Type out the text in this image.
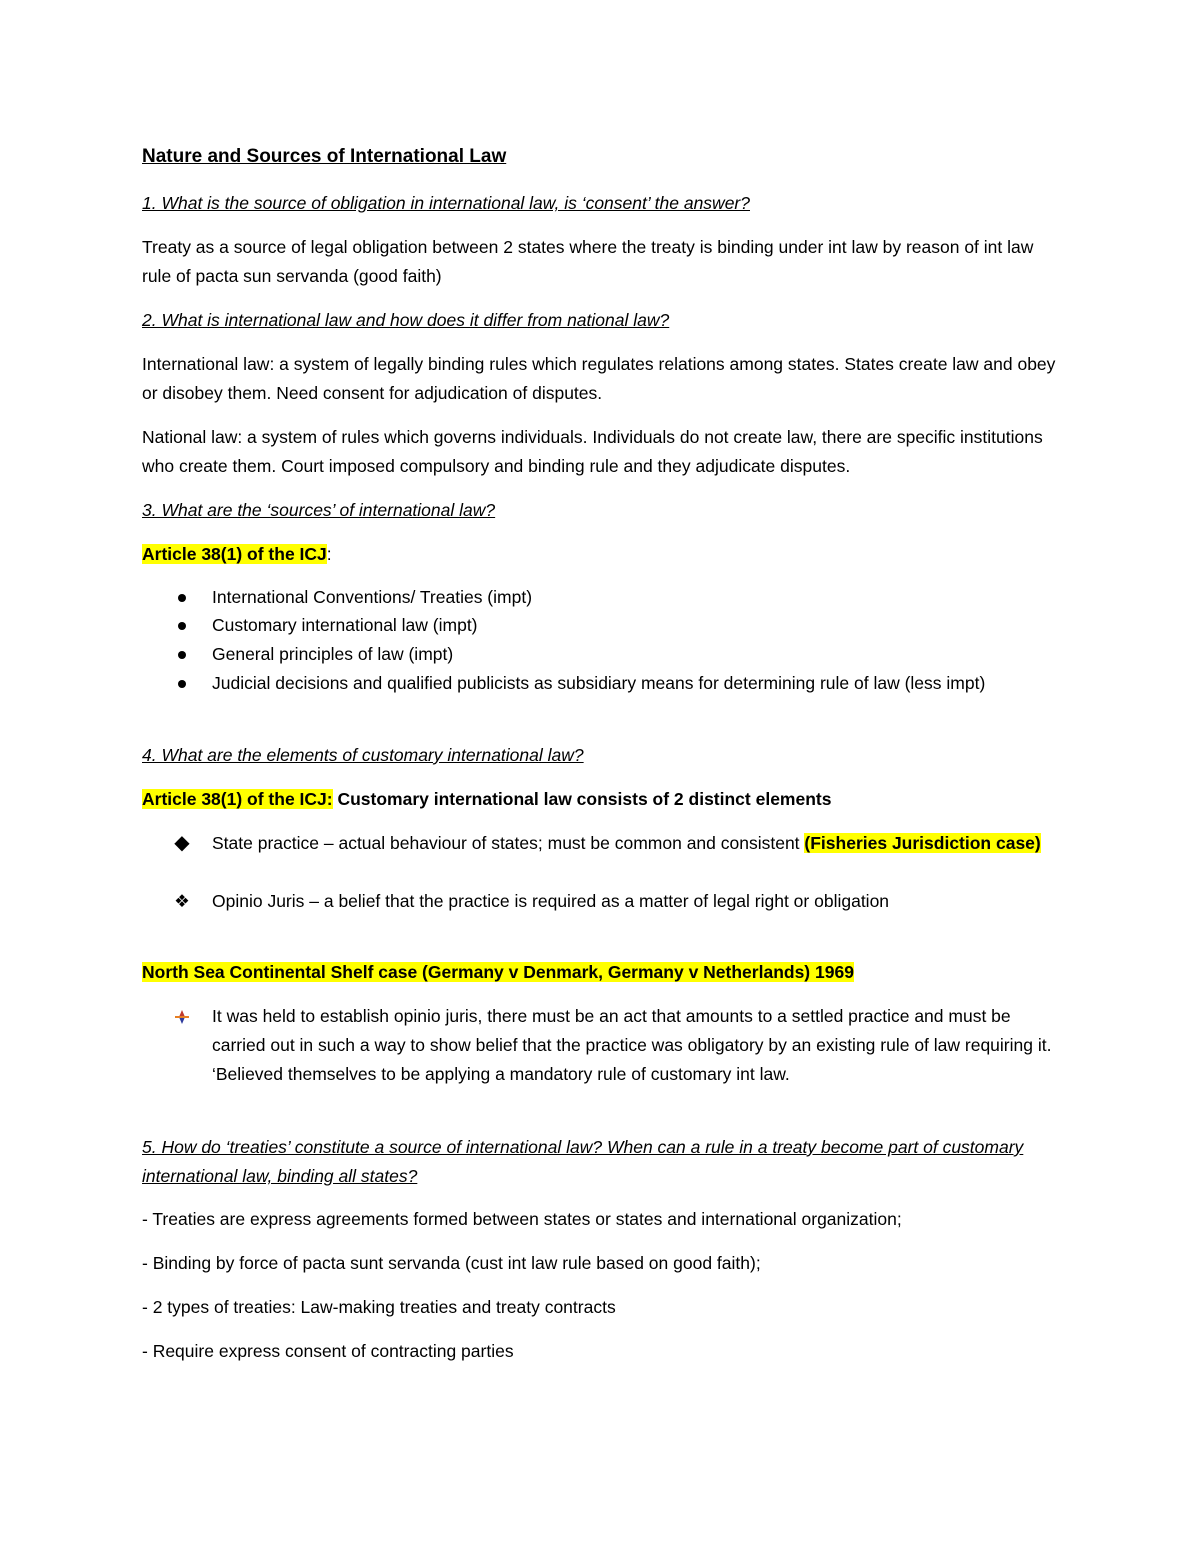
Nature and Sources of International Law

1. What is the source of obligation in international law, is ‘consent’ the answer?

Treaty as a source of legal obligation between 2 states where the treaty is binding under int law by reason of int law rule of pacta sun servanda (good faith)

2. What is international law and how does it differ from national law?

International law: a system of legally binding rules which regulates relations among states. States create law and obey or disobey them. Need consent for adjudication of disputes.

National law: a system of rules which governs individuals. Individuals do not create law, there are specific institutions who create them. Court imposed compulsory and binding rule and they adjudicate disputes.

3. What are the ‘sources’ of international law?

Article 38(1) of the ICJ:

International Conventions/ Treaties (impt)
Customary international law (impt)
General principles of law (impt)
Judicial decisions and qualified publicists as subsidiary means for determining rule of law (less impt)

4. What are the elements of customary international law?

Article 38(1) of the ICJ: Customary international law consists of 2 distinct elements

◆ State practice – actual behaviour of states; must be common and consistent (Fisheries Jurisdiction case)
❖ Opinio Juris – a belief that the practice is required as a matter of legal right or obligation

North Sea Continental Shelf case (Germany v Denmark, Germany v Netherlands) 1969

It was held to establish opinio juris, there must be an act that amounts to a settled practice and must be carried out in such a way to show belief that the practice was obligatory by an existing rule of law requiring it. ‘Believed themselves to be applying a mandatory rule of customary int law.

5. How do ‘treaties’ constitute a source of international law? When can a rule in a treaty become part of customary international law, binding all states?

- Treaties are express agreements formed between states or states and international organization;

- Binding by force of pacta sunt servanda (cust int law rule based on good faith);

- 2 types of treaties: Law-making treaties and treaty contracts

- Require express consent of contracting parties
